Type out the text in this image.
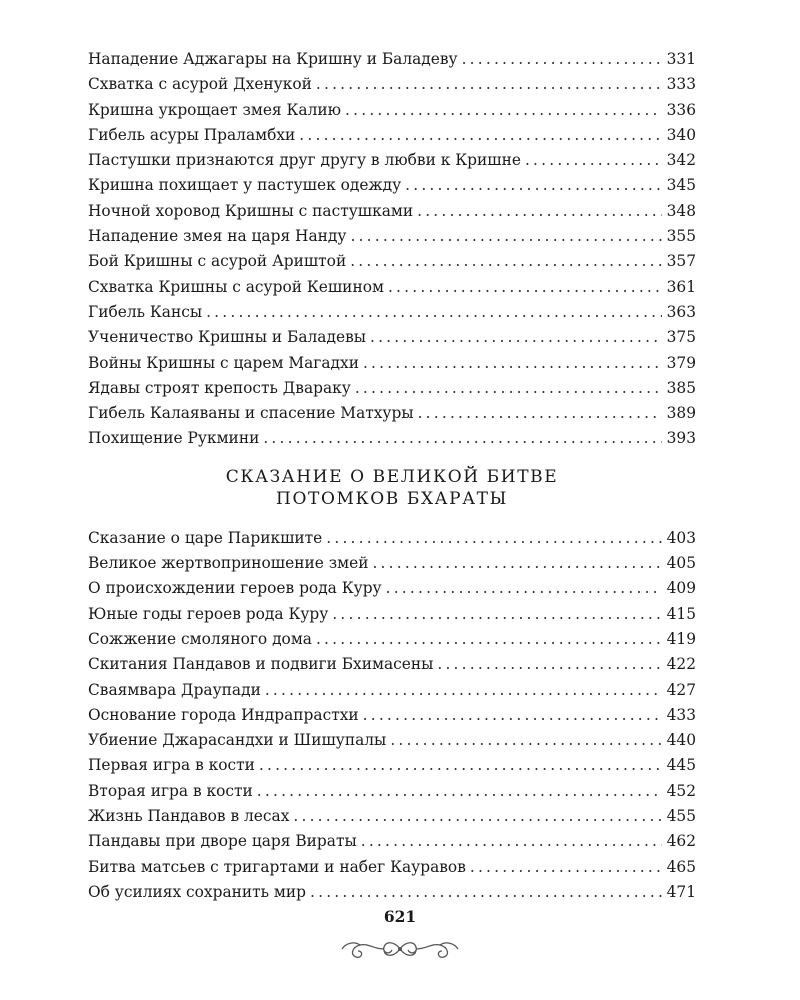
Нападение Аджагары на Кришну и Баладеву .....	331
Схватка с асурой Дхенукой .....	333
Кришна укрощает змея Калию .....	336
Гибель асуры Праламбхи .....	340
Пастушки признаются друг другу в любви к Кришне .....	342
Кришна похищает у пастушек одежду .....	345
Ночной хоровод Кришны с пастушками .....	348
Нападение змея на царя Нанду .....	355
Бой Кришны с асурой Ариштой .....	357
Схватка Кришны с асурой Кешином .....	361
Гибель Кансы .....	363
Ученичество Кришны и Баладевы .....	375
Войны Кришны с царем Магадхи .....	379
Ядавы строят крепость Двараку .....	385
Гибель Калаяваны и спасение Матхуры .....	389
Похищение Рукмини .....	393

СКАЗАНИЕ О ВЕЛИКОЙ БИТВЕ

ПОТОМКОВ БХАРАТЫ

Сказание о царе Парикшите .....	403
Великое жертвоприношение змей .....	405
О происхождении героев рода Куру .....	409
Юные годы героев рода Куру .....	415
Сожжение смоляного дома .....	419
Скитания Пандавов и подвиги Бхимасены .....	422
Сваямвара Драупади .....	427
Основание города Индрапрастхи .....	433
Убиение Джарасандхи и Шишупалы .....	440
Первая игра в кости .....	445
Вторая игра в кости .....	452
Жизнь Пандавов в лесах .....	455
Пандавы при дворе царя Вираты .....	462
Битва матсьев с тригартами и набег Кауравов .....	465
Об усилиях сохранить мир .....	471
621
